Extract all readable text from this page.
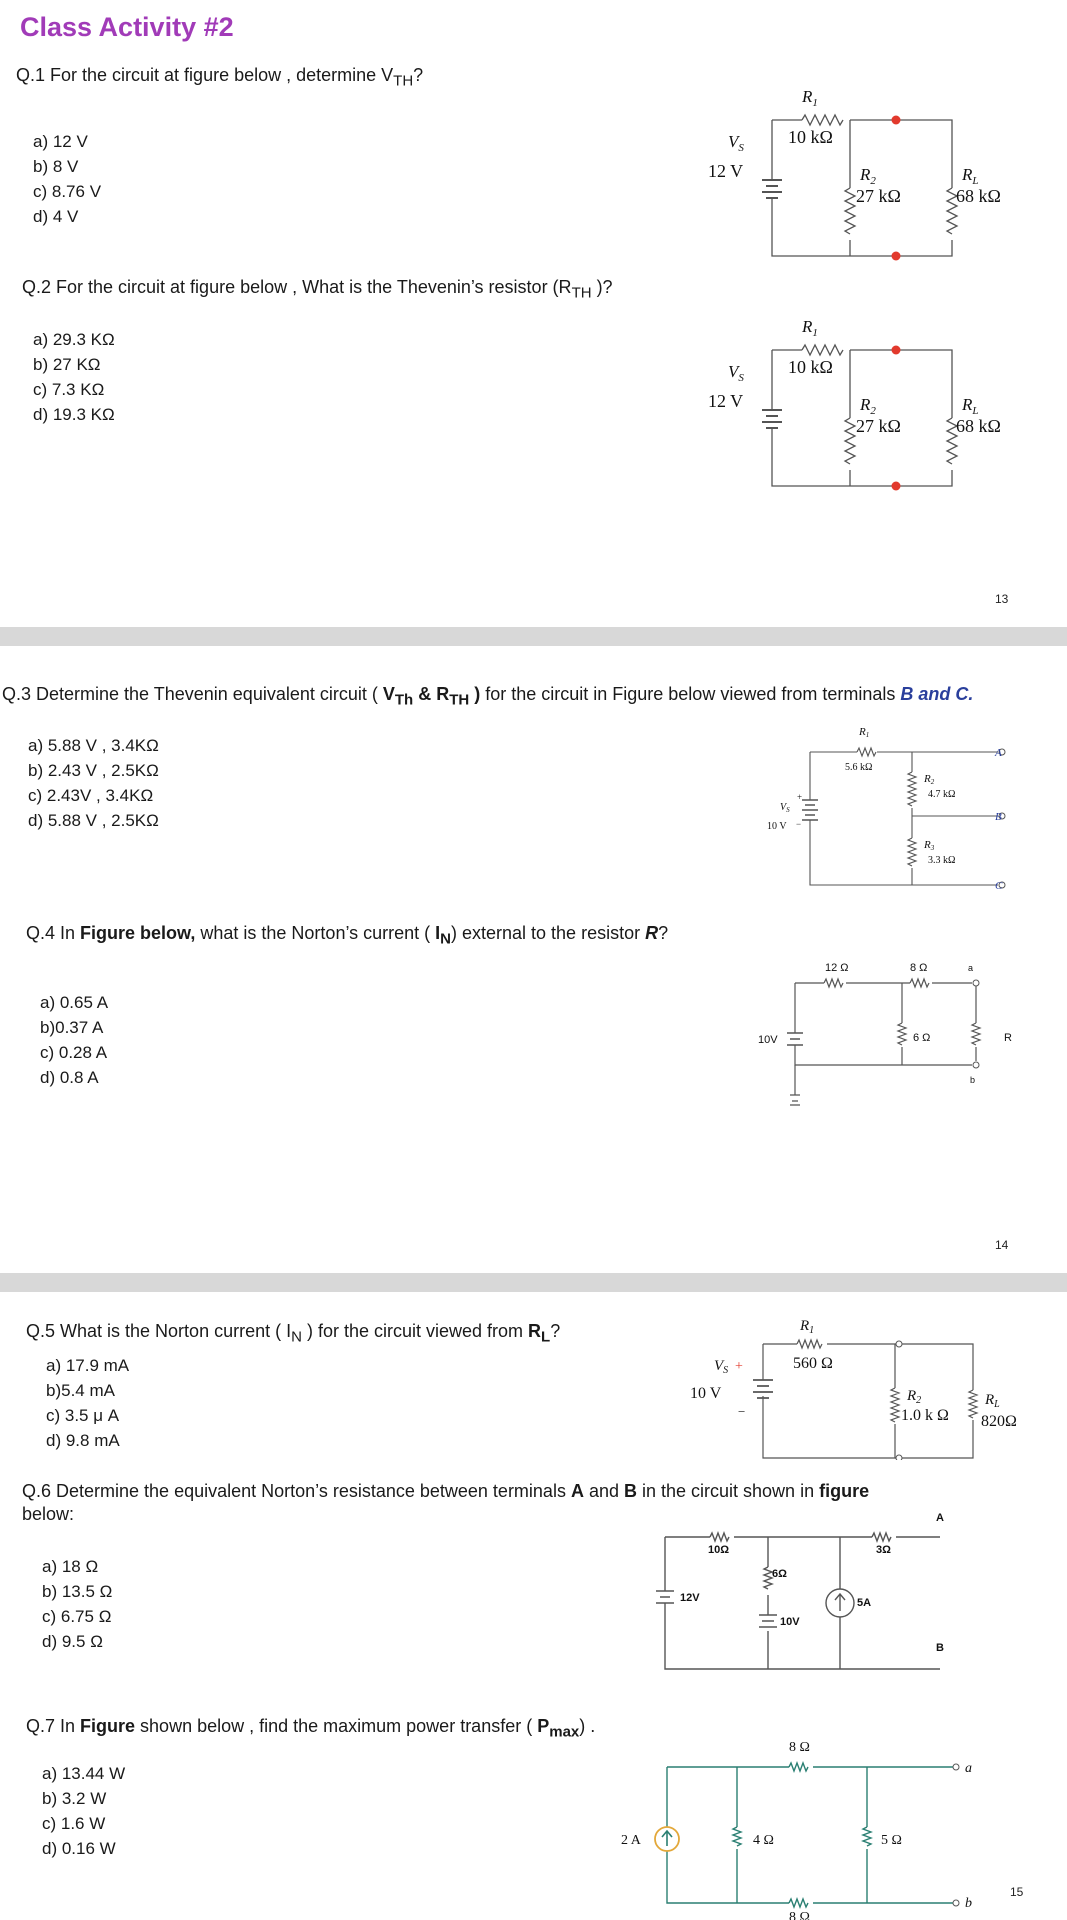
Class Activity #2
Q.1 For the circuit at figure below , determine $V_{TH}$?
a) 12 V
b) 8 V
c) 8.76 V
d) 4 V
$R_1$
10 kΩ
$V_S$
12 V	$R_2$
27 kΩ
$R_L$
68 kΩ
Q.2 For the circuit at figure below , What is the Thevenin’s resistor ($R_{TH}$ )?
a) 29.3 KΩ
b) 27 KΩ
c) 7.3 KΩ
d) 19.3 KΩ
$R_1$
10 kΩ
$V_S$
12 V	$R_2$
27 kΩ
$R_L$
68 kΩ
13
Q.3 Determine the Thevenin equivalent circuit ( $V_{Th}$ & $R_{TH}$ ) for the circuit in Figure below viewed from terminals B and C.
a) 5.88 V , 3.4KΩ
b) 2.43 V , 2.5KΩ
c) 2.43V , 3.4KΩ
d) 5.88 V , 2.5KΩ
R1
5.6 kΩ
R2
4.7 kΩ
R3
3.3 kΩ
$V_S$
10 V
+
−
A
B
C
Q.4 In Figure below, what is the Norton’s current ( $I_N$) external to the resistor R?
a) 0.65 A
b)0.37 A
c) 0.28 A
d) 0.8 A
12 Ω	8 Ω
6 Ω
10V
a
b
R
14
Q.5 What is the Norton current ( $I_N$ ) for the circuit viewed from $R_L$?
a) 17.9 mA
b)5.4 mA
c) 3.5 μ A
d) 9.8 mA
$R_1$
560 Ω
$V_S$ +
10 V
−
$R_2$
1.0 k Ω
$R_L$
820Ω
Q.6 Determine the equivalent Norton’s resistance between terminals A and B in the circuit shown in figure
below:
a) 18 Ω
b) 13.5 Ω
c) 6.75 Ω
d) 9.5 Ω
10Ω
6Ω
3Ω
12V
10V
5A
A
B
Q.7 In Figure shown below , find the maximum power transfer ( $P_{max}$) .
a) 13.44 W
b) 3.2 W
c) 1.6 W
d) 0.16 W	2 A
8 Ω
4 Ω	5 Ω
8 Ω
a
b
15
